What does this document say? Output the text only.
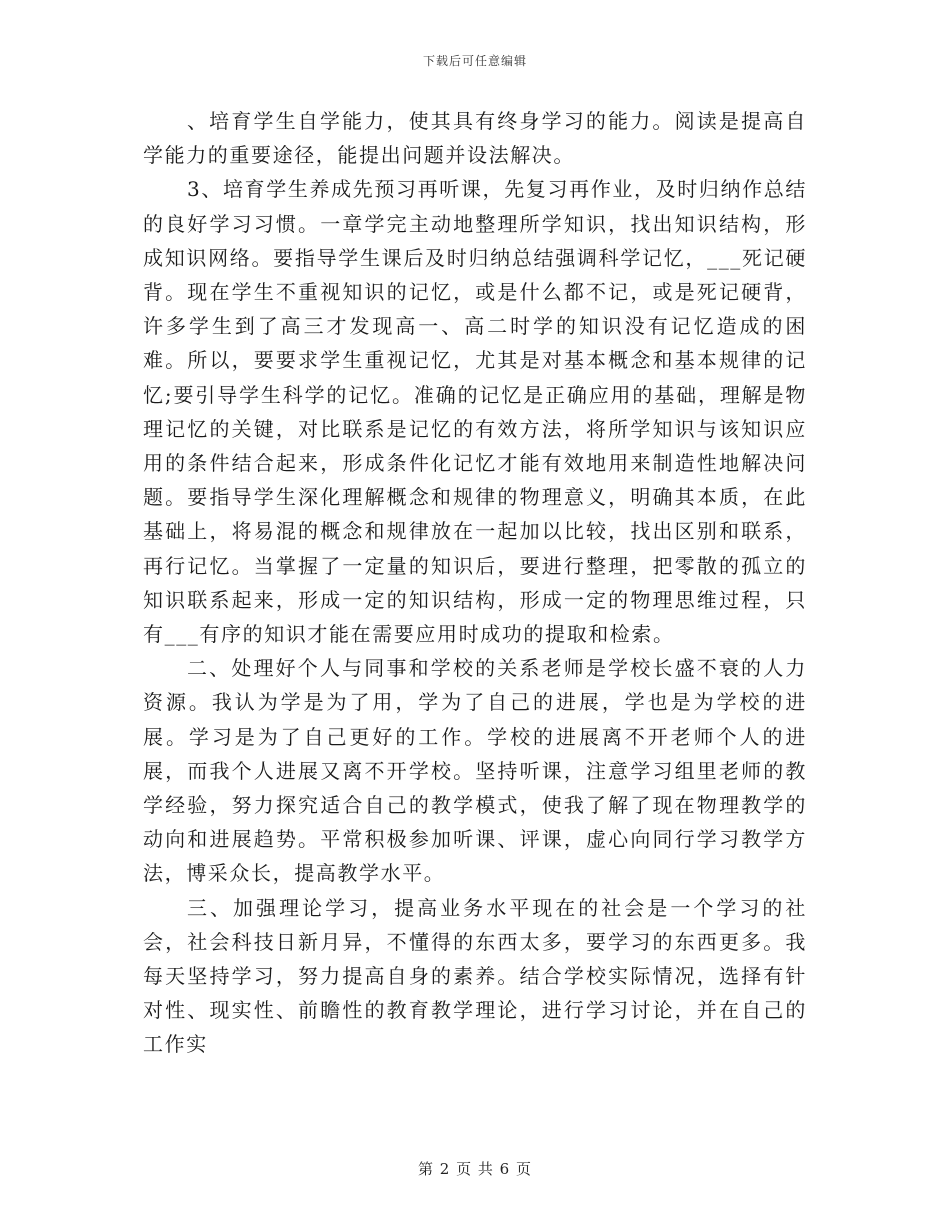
下载后可任意编辑

、培育学生自学能力，使其具有终身学习的能力。阅读是提高自学能力的重要途径，能提出问题并设法解决。

3、培育学生养成先预习再听课，先复习再作业，及时归纳作总结的良好学习习惯。一章学完主动地整理所学知识，找出知识结构，形成知识网络。要指导学生课后及时归纳总结强调科学记忆，___死记硬背。现在学生不重视知识的记忆，或是什么都不记，或是死记硬背，许多学生到了高三才发现高一、高二时学的知识没有记忆造成的困难。所以，要要求学生重视记忆，尤其是对基本概念和基本规律的记忆;要引导学生科学的记忆。准确的记忆是正确应用的基础，理解是物理记忆的关键，对比联系是记忆的有效方法，将所学知识与该知识应用的条件结合起来，形成条件化记忆才能有效地用来制造性地解决问题。要指导学生深化理解概念和规律的物理意义，明确其本质，在此基础上，将易混的概念和规律放在一起加以比较，找出区别和联系，再行记忆。当掌握了一定量的知识后，要进行整理，把零散的孤立的知识联系起来，形成一定的知识结构，形成一定的物理思维过程，只有___有序的知识才能在需要应用时成功的提取和检索。

二、处理好个人与同事和学校的关系老师是学校长盛不衰的人力资源。我认为学是为了用，学为了自己的进展，学也是为学校的进展。学习是为了自己更好的工作。学校的进展离不开老师个人的进展，而我个人进展又离不开学校。坚持听课，注意学习组里老师的教学经验，努力探究适合自己的教学模式，使我了解了现在物理教学的动向和进展趋势。平常积极参加听课、评课，虚心向同行学习教学方法，博采众长，提高教学水平。

三、加强理论学习，提高业务水平现在的社会是一个学习的社会，社会科技日新月异，不懂得的东西太多，要学习的东西更多。我每天坚持学习，努力提高自身的素养。结合学校实际情况，选择有针对性、现实性、前瞻性的教育教学理论，进行学习讨论，并在自己的工作实

第 2 页 共 6 页
